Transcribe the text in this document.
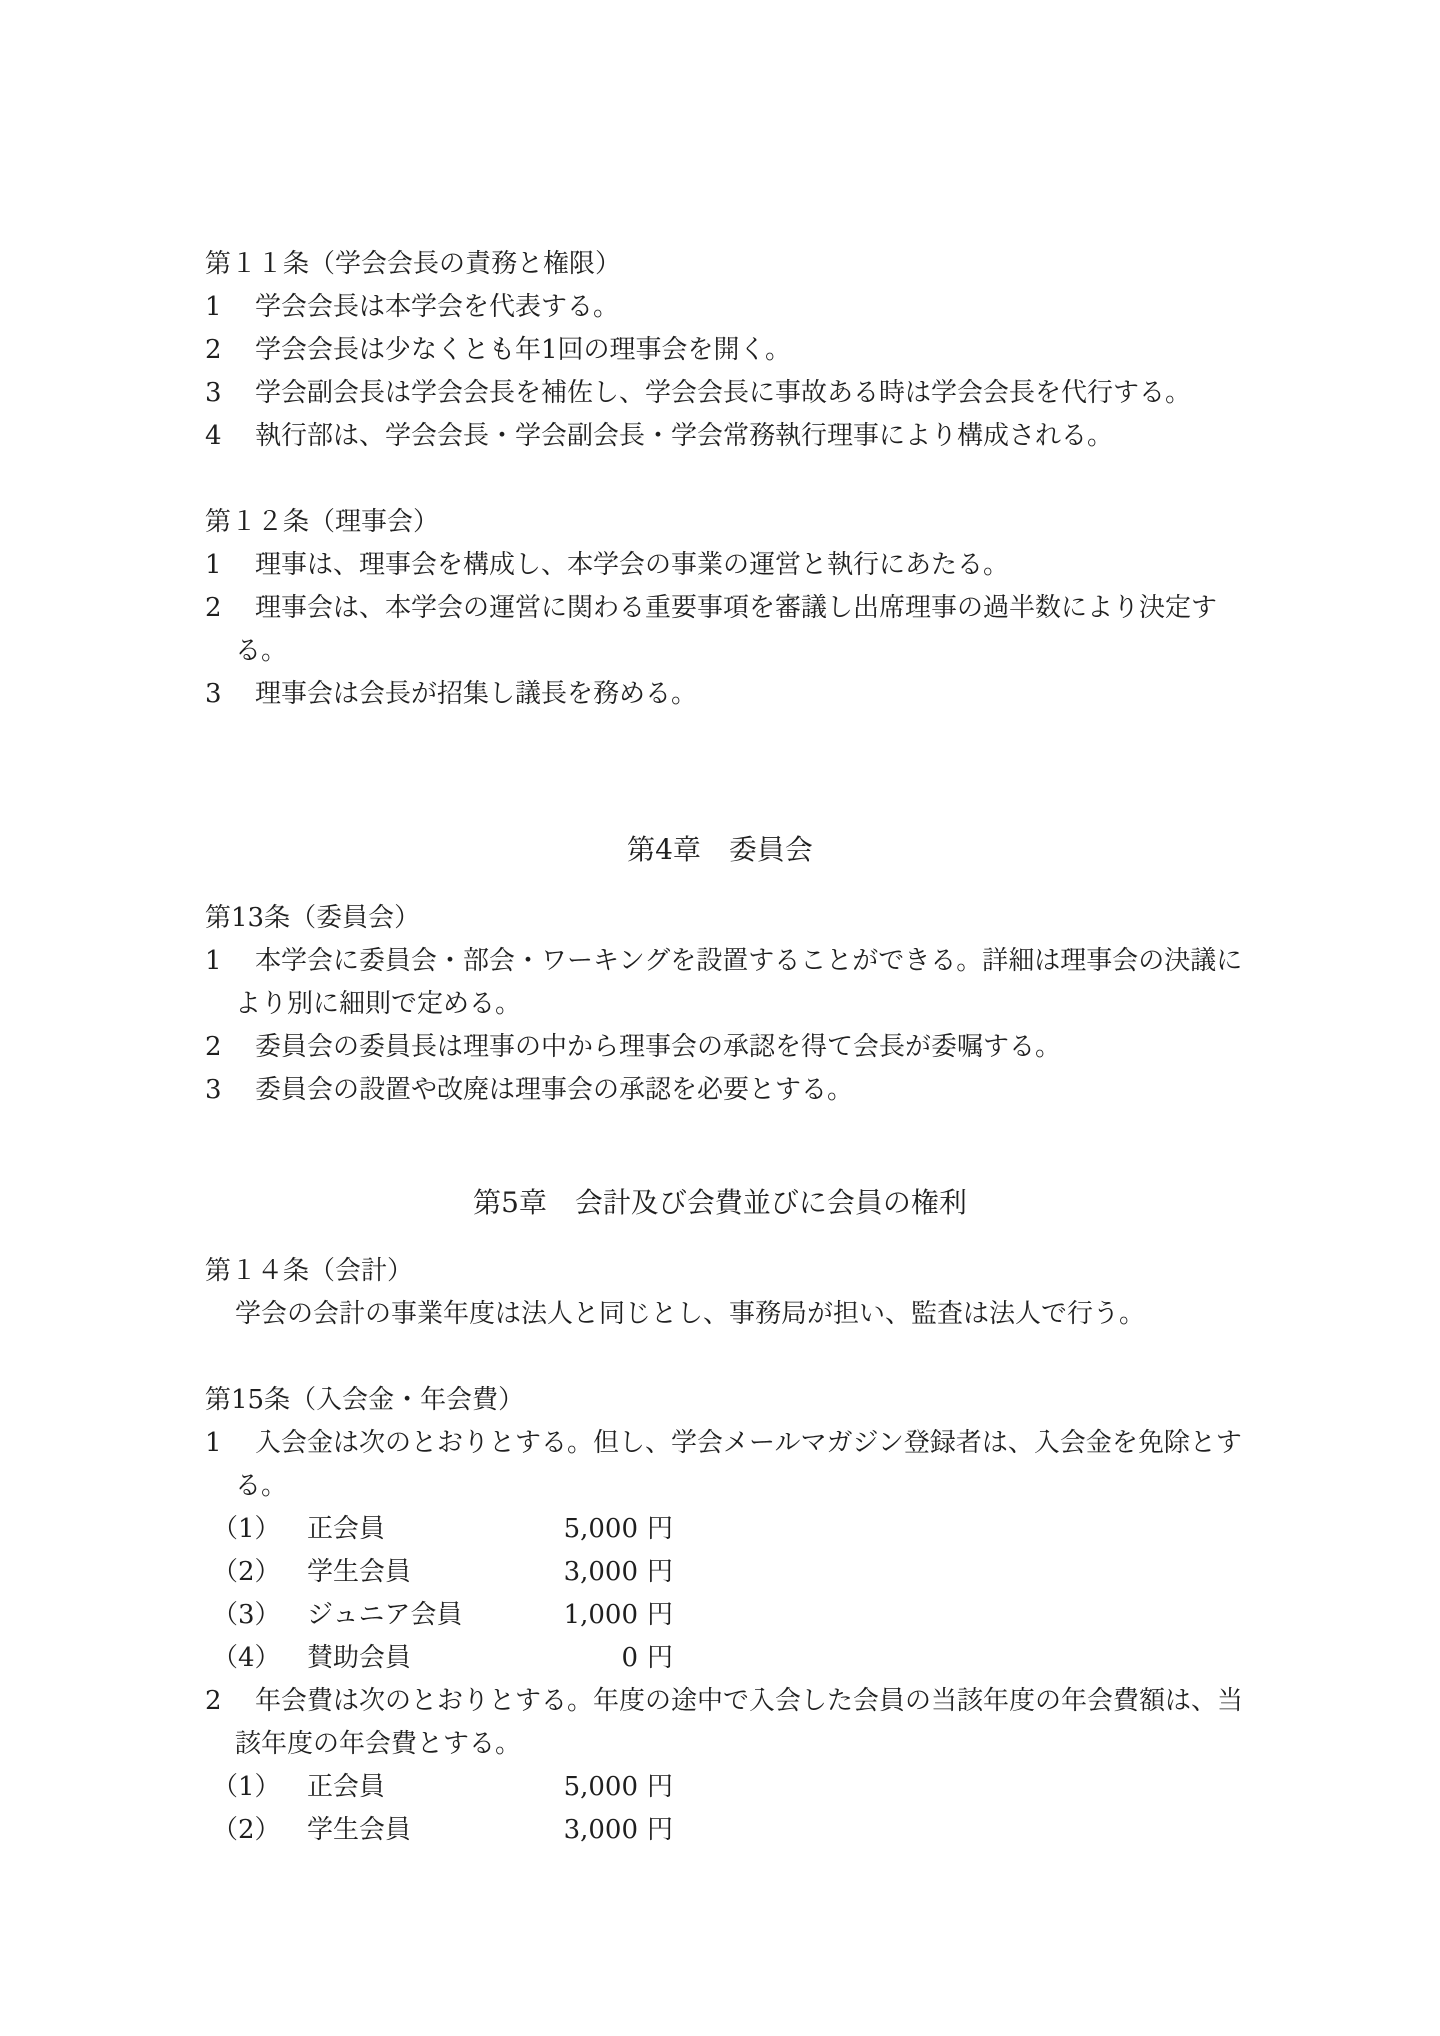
第１１条（学会会長の責務と権限）
1	学会会長は本学会を代表する。
2	学会会長は少なくとも年1回の理事会を開く。
3	学会副会長は学会会長を補佐し、学会会長に事故ある時は学会会長を代行する。
4	執行部は、学会会長・学会副会長・学会常務執行理事により構成される。
第１２条（理事会）
1	理事は、理事会を構成し、本学会の事業の運営と執行にあたる。
2	理事会は、本学会の運営に関わる重要事項を審議し出席理事の過半数により決定す
る。
3	理事会は会長が招集し議長を務める。
第4章　委員会
第13条（委員会）
1	本学会に委員会・部会・ワーキングを設置することができる。詳細は理事会の決議に
より別に細則で定める。
2	委員会の委員長は理事の中から理事会の承認を得て会長が委嘱する。
3	委員会の設置や改廃は理事会の承認を必要とする。
第5章　会計及び会費並びに会員の権利
第１４条（会計）
学会の会計の事業年度は法人と同じとし、事務局が担い、監査は法人で行う。
第15条（入会金・年会費）
1	入会金は次のとおりとする。但し、学会メールマガジン登録者は、入会金を免除とす
る。
（1）	正会員	5,000 円
（2）	学生会員	3,000 円
（3）	ジュニア会員	1,000 円
（4）	賛助会員	0 円
2	年会費は次のとおりとする。年度の途中で入会した会員の当該年度の年会費額は、当
該年度の年会費とする。
（1）	正会員	5,000 円
（2）	学生会員	3,000 円
